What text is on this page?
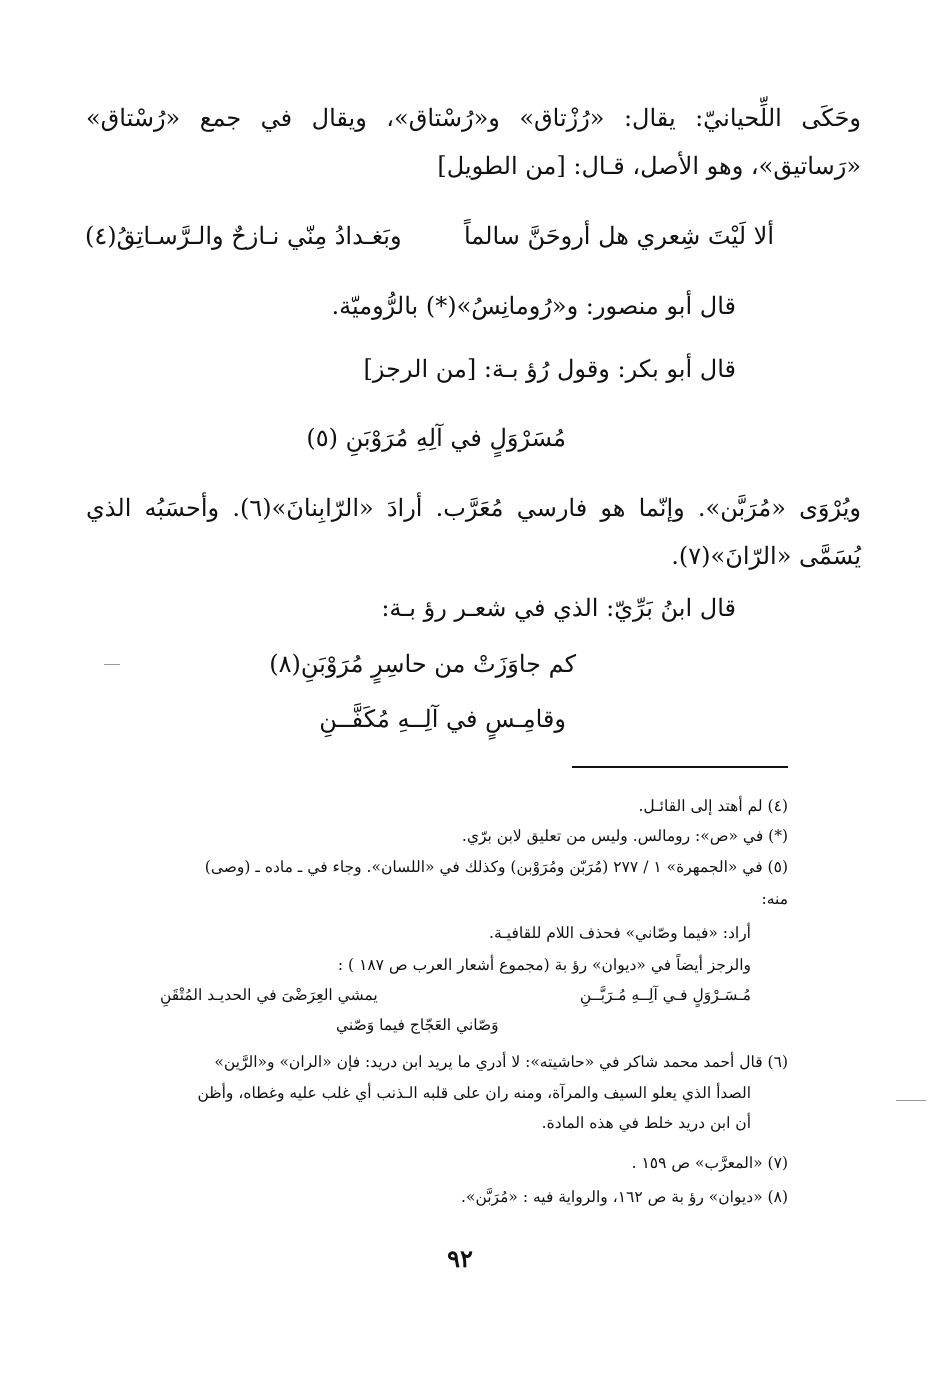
وحَكَى اللِّحيانيّ: يقال: «رُزْتاق» و«رُسْتاق»، ويقال في جمع «رُسْتاق» «رَساتيق»، وهو الأصل، قـال: [من الطويل]
ألا لَيْتَ شِعري هل أروحَنَّ سالماً
وبَغـدادُ مِنّي نـازحٌ والـرَّسـاتِقُ(٤)
قال أبو منصور: و«رُومانِسُ»(*) بالرُّوميّة.
قال أبو بكر: وقول رُؤ بـة: [من الرجز]
مُسَرْوَلٍ في آلِهِ مُرَوْبَنِ (٥)
ويُرْوَى «مُرَبَّن». وإنّما هو فارسي مُعَرَّب. أرادَ «الرّابِنانَ»(٦). وأحسَبُه الذي يُسَمَّى «الرّانَ»(٧).
قال ابنُ بَرِّيّ: الذي في شعـر رؤ بـة:
كم جاوَزَتْ من حاسِرٍ مُرَوْبَنِ(٨)
وقامِـسٍ في آلِــهِ مُكَفَّــنِ
(٤) لم أهتد إلى القائـل.
(*) في «ص»: رومالس. وليس من تعليق لابن برّي.
(٥) في «الجمهرة» ١ / ٢٧٧ (مُرَبّن ومُرَوْبن) وكذلك في «اللسان». وجاء في ـ ماده ـ (وصى)
منه:
أراد: «فيما وصّاني» فحذف اللام للقافيـة.
والرجز أيضاً في «ديوان» رؤ بة (مجموع أشعار العرب ص ١٨٧ ) :
مُـسَـرْوَلٍ فـي آلِــهِ مُـرَبَّــنِ
يمشي العِرَضْىَ في الحديـد المُتْقَنِ
وَصّاني العَجّاج فيما وَصّني
(٦) قال أحمد محمد شاكر في «حاشيته»: لا أدري ما يريد ابن دريد: فإن «الران» و«الرَّين»
الصدأ الذي يعلو السيف والمرآة، ومنه ران على قلبه الـذنب أي غلب عليه وغطاه، وأظن
أن ابن دريد خلط في هذه المادة.
(٧) «المعرَّب» ص ١٥٩ .
(٨) «ديوان» رؤ بة ص ١٦٢، والرواية فيه : «مُرَبَّن».
٩٢
